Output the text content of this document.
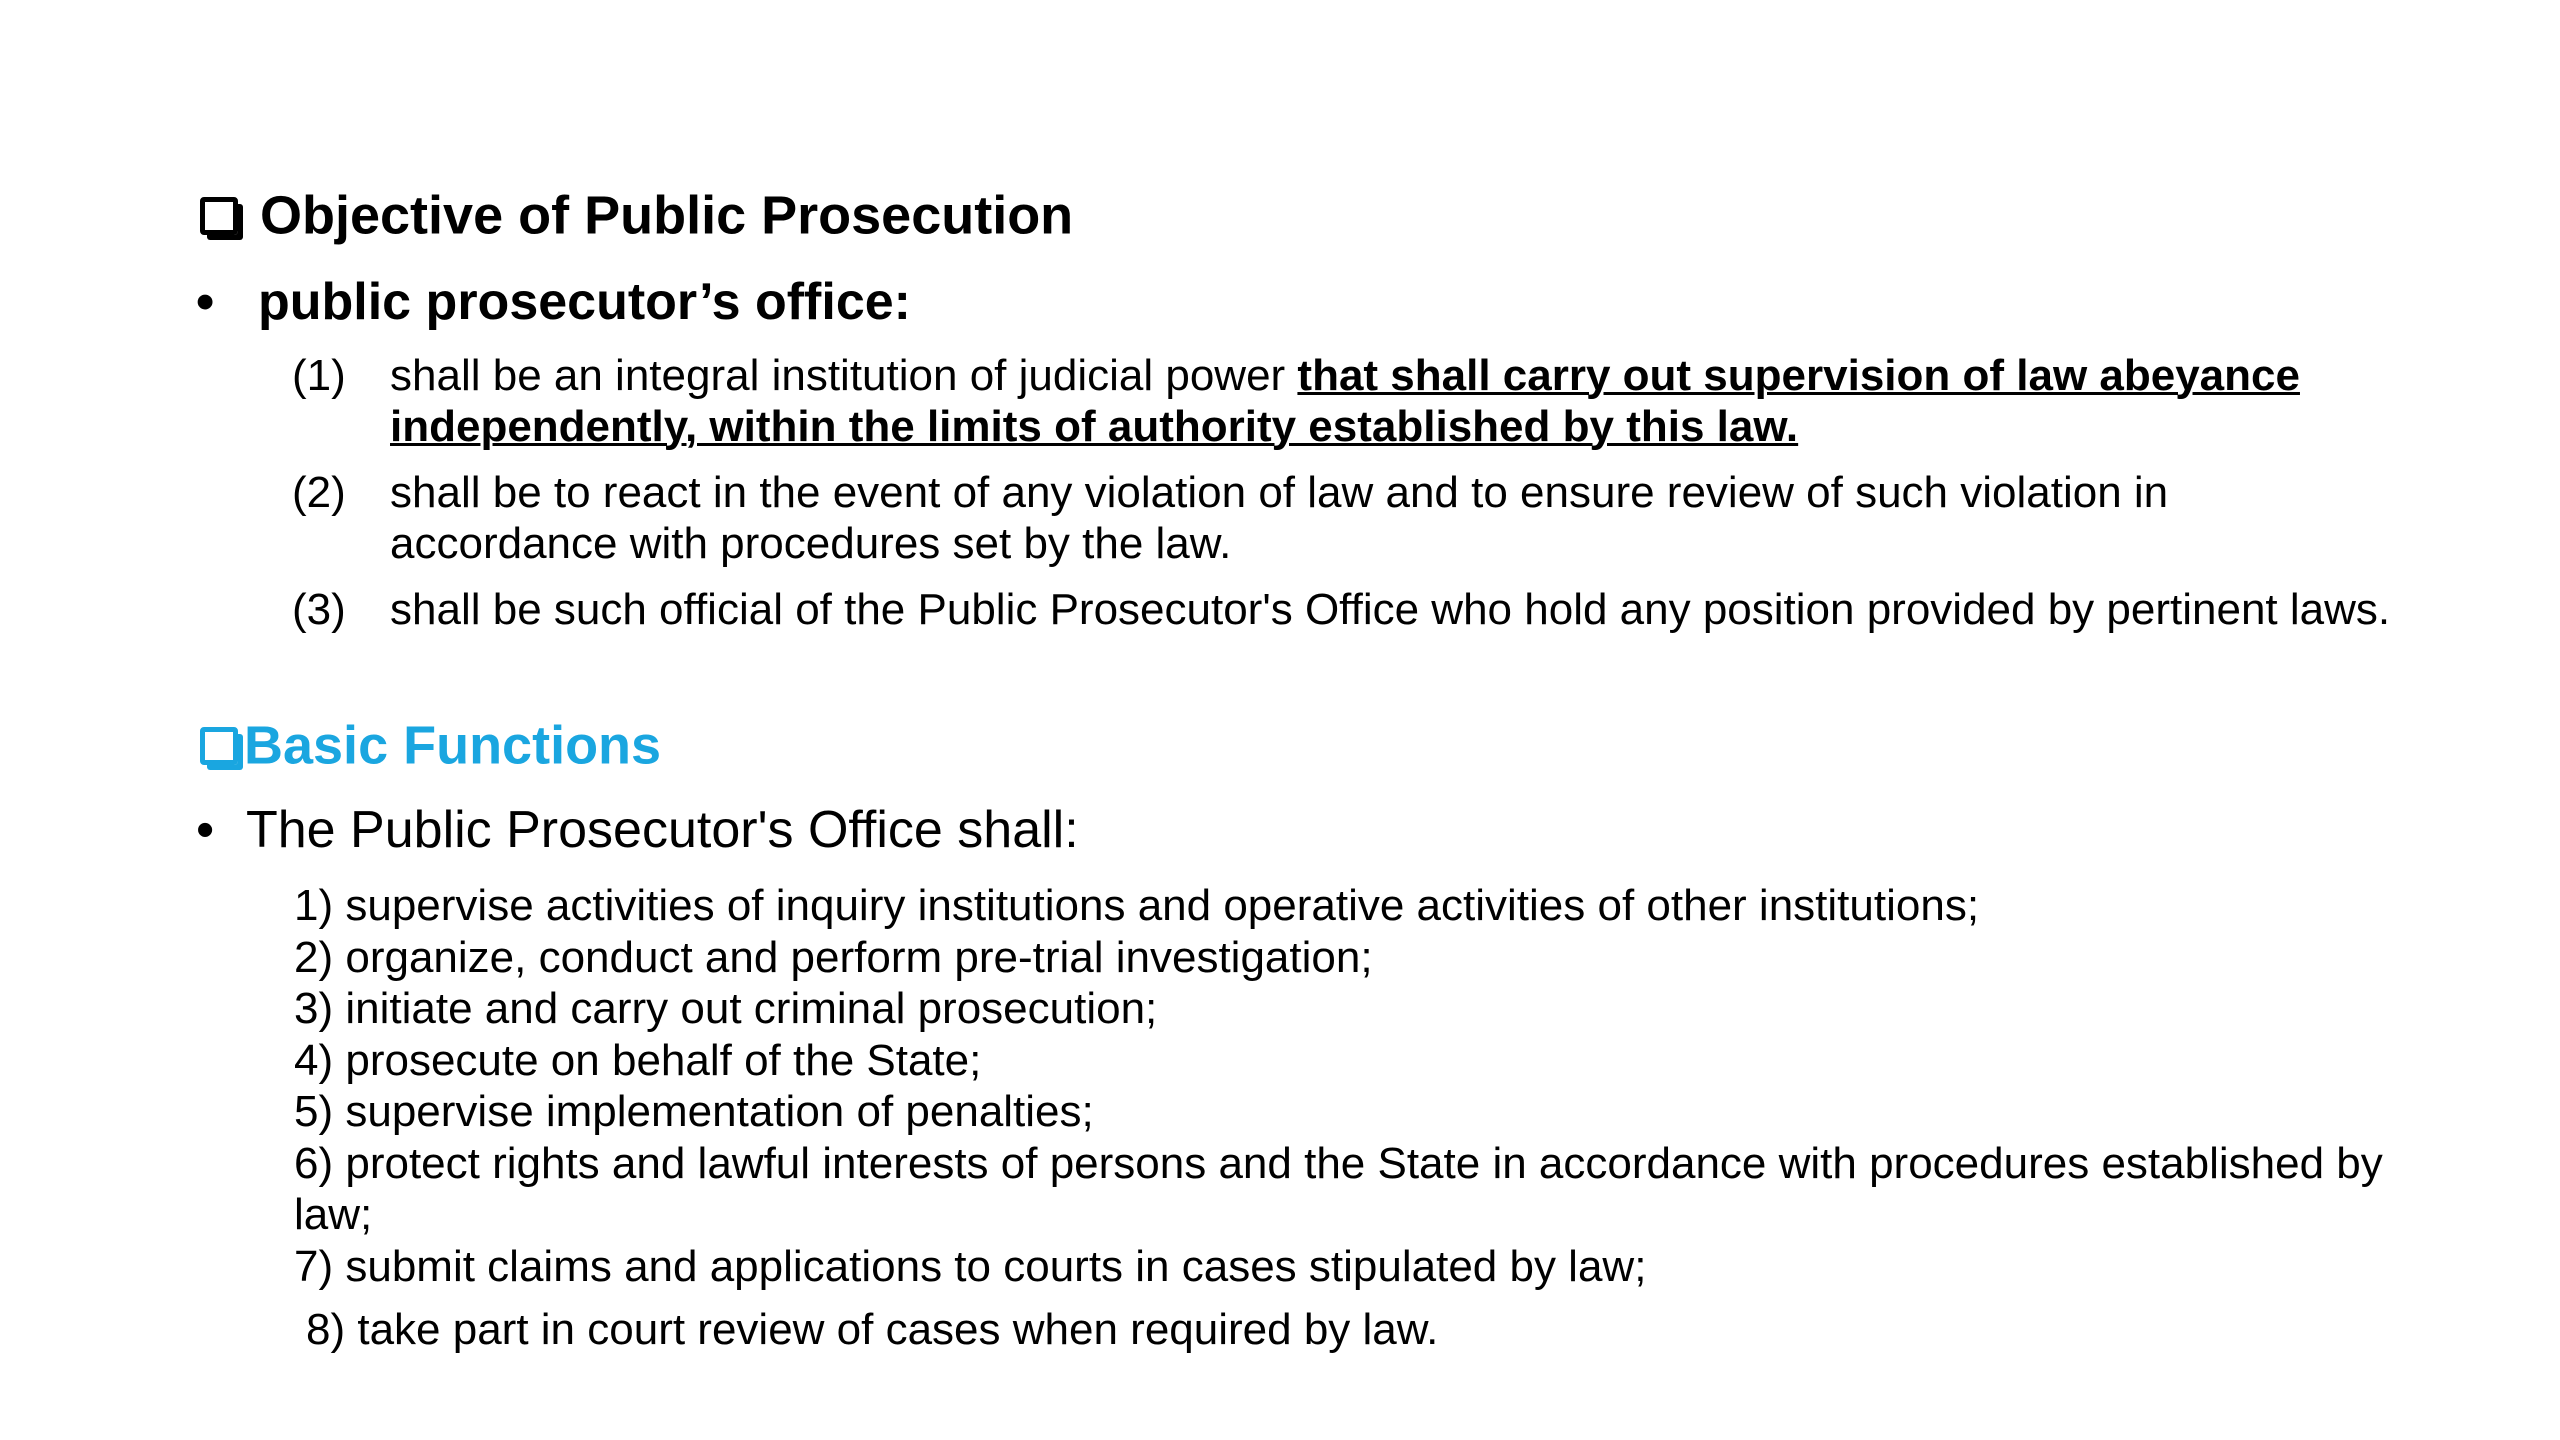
Objective of Public Prosecution
• public prosecutor’s office:
(1) shall be an integral institution of judicial power that shall carry out supervision of law abeyance independently, within the limits of authority established by this law.
(2) shall be to react in the event of any violation of law and to ensure review of such violation in accordance with procedures set by the law.
(3) shall be such official of the Public Prosecutor's Office who hold any position provided by pertinent laws.
Basic Functions
• The Public Prosecutor's Office shall:
1) supervise activities of inquiry institutions and operative activities of other institutions;
2) organize, conduct and perform pre-trial investigation;
3) initiate and carry out criminal prosecution;
4) prosecute on behalf of the State;
5) supervise implementation of penalties;
6) protect rights and lawful interests of persons and the State in accordance with procedures established by law;
7) submit claims and applications to courts in cases stipulated by law;
8) take part in court review of cases when required by law.
